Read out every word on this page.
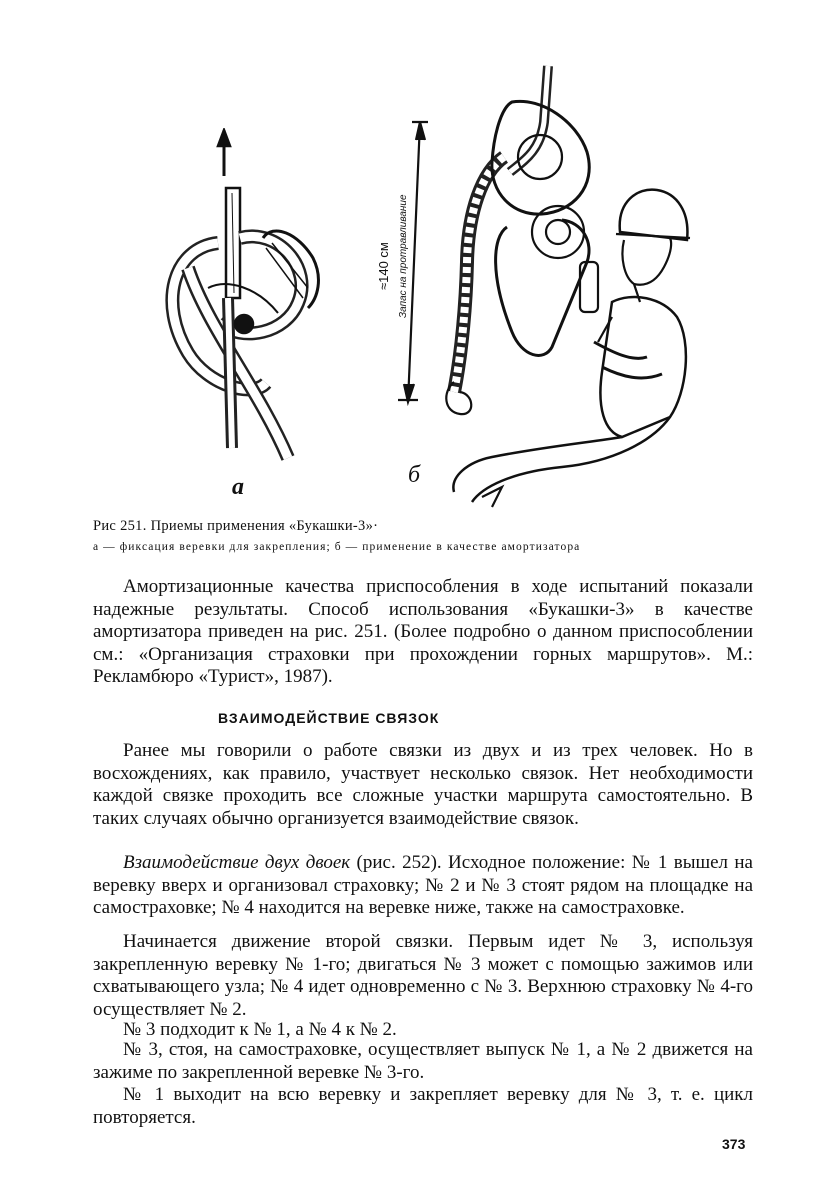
а
≈140 см Запас на протравливание
б
Рис 251. Приемы применения «Букашки-3»·
а — фиксация веревки для закрепления; б — применение в качестве амортизатора

Амортизационные качества приспособления в ходе испытаний показали надежные результаты. Способ использования «Букашки-3» в качестве амортизатора приведен на рис. 251. (Более подробно о данном приспособлении см.: «Организация страховки при прохождении горных маршрутов». М.: Рекламбюро «Турист», 1987).

ВЗАИМОДЕЙСТВИЕ СВЯЗОК

Ранее мы говорили о работе связки из двух и из трех человек. Но в восхождениях, как правило, участвует несколько связок. Нет необходимости каждой связке проходить все сложные участки маршрута самостоятельно. В таких случаях обычно организуется взаимодействие связок.

Взаимодействие двух двоек (рис. 252). Исходное положение: № 1 вышел на веревку вверх и организовал страховку; № 2 и № 3 стоят рядом на площадке на самостраховке; № 4 находится на веревке ниже, также на самостраховке.

Начинается движение второй связки. Первым идет № 3, используя закрепленную веревку № 1-го; двигаться № 3 может с помощью зажимов или схватывающего узла; № 4 идет одновременно с № 3. Верхнюю страховку № 4-го осуществляет № 2.

№ 3 подходит к № 1, а № 4 к № 2.

№ 3, стоя, на самостраховке, осуществляет выпуск № 1, а № 2 движется на зажиме по закрепленной веревке № 3-го.

№ 1 выходит на всю веревку и закрепляет веревку для № 3, т. е. цикл повторяется.

373
